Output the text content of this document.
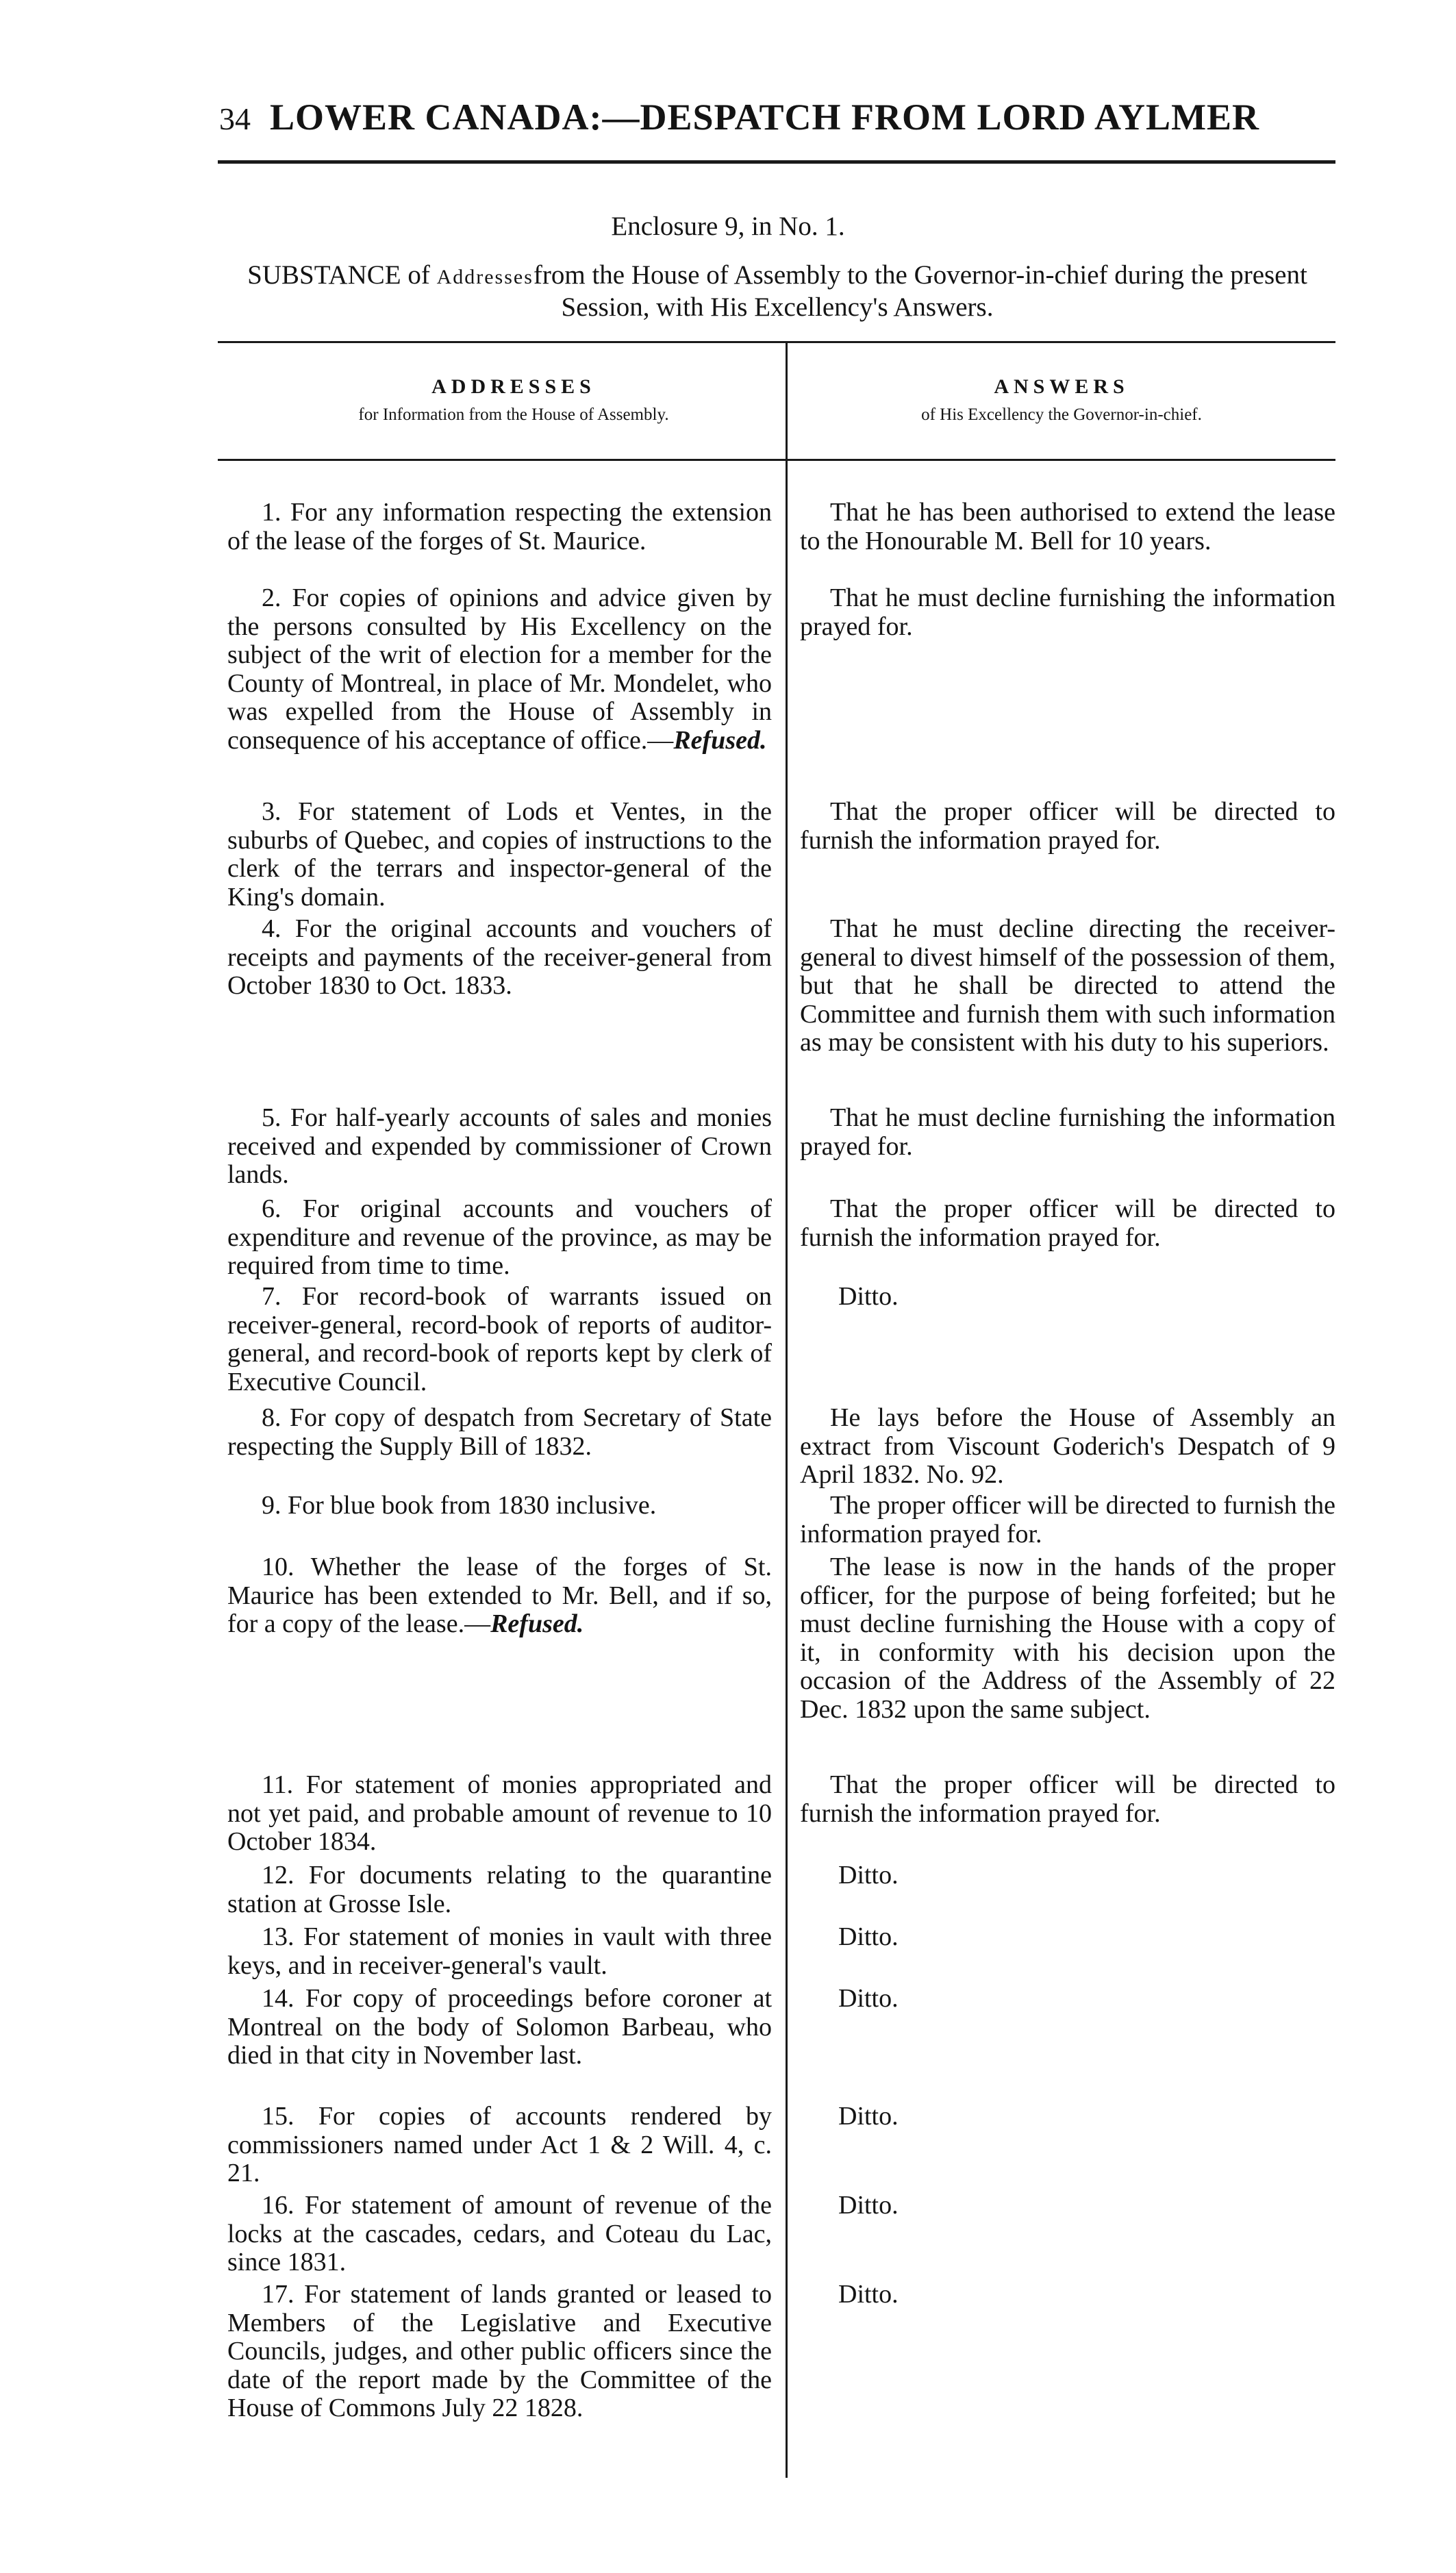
34 LOWER CANADA:—DESPATCH FROM LORD AYLMER
Enclosure 9, in No. 1.
SUBSTANCE of Addressesfrom the House of Assembly to the Governor-in-chief during the present Session, with His Excellency's Answers.
ADDRESSES
for Information from the House of Assembly.
ANSWERS
of His Excellency the Governor-in-chief.
1. For any information respecting the extension of the lease of the forges of St. Maurice.
That he has been authorised to extend the lease to the Honourable M. Bell for 10 years.
2. For copies of opinions and advice given by the persons consulted by His Excellency on the subject of the writ of election for a member for the County of Montreal, in place of Mr. Mondelet, who was expelled from the House of Assembly in consequence of his acceptance of office.—Refused.
That he must decline furnishing the information prayed for.
3. For statement of Lods et Ventes, in the suburbs of Quebec, and copies of instructions to the clerk of the terrars and inspector-general of the King's domain.
That the proper officer will be directed to furnish the information prayed for.
4. For the original accounts and vouchers of receipts and payments of the receiver-general from October 1830 to Oct. 1833.
That he must decline directing the receiver-general to divest himself of the possession of them, but that he shall be directed to attend the Committee and furnish them with such information as may be consistent with his duty to his superiors.
5. For half-yearly accounts of sales and monies received and expended by commissioner of Crown lands.
That he must decline furnishing the information prayed for.
6. For original accounts and vouchers of expenditure and revenue of the province, as may be required from time to time.
That the proper officer will be directed to furnish the information prayed for.
7. For record-book of warrants issued on receiver-general, record-book of reports of auditor-general, and record-book of reports kept by clerk of Executive Council.
Ditto.
8. For copy of despatch from Secretary of State respecting the Supply Bill of 1832.
He lays before the House of Assembly an extract from Viscount Goderich's Despatch of 9 April 1832. No. 92.
9. For blue book from 1830 inclusive.	The proper officer will be directed to furnish the information prayed for.
10. Whether the lease of the forges of St. Maurice has been extended to Mr. Bell, and if so, for a copy of the lease.—Refused.
The lease is now in the hands of the proper officer, for the purpose of being forfeited; but he must decline furnishing the House with a copy of it, in conformity with his decision upon the occasion of the Address of the Assembly of 22 Dec. 1832 upon the same subject.
11. For statement of monies appropriated and not yet paid, and probable amount of revenue to 10 October 1834.
That the proper officer will be directed to furnish the information prayed for.
12. For documents relating to the quarantine station at Grosse Isle.
Ditto.
13. For statement of monies in vault with three keys, and in receiver-general's vault.
Ditto.
14. For copy of proceedings before coroner at Montreal on the body of Solomon Barbeau, who died in that city in November last.
Ditto.
15. For copies of accounts rendered by commissioners named under Act 1 & 2 Will. 4, c. 21.
Ditto.
16. For statement of amount of revenue of the locks at the cascades, cedars, and Coteau du Lac, since 1831.
Ditto.
17. For statement of lands granted or leased to Members of the Legislative and Executive Councils, judges, and other public officers since the date of the report made by the Committee of the House of Commons July 22 1828.
Ditto.
